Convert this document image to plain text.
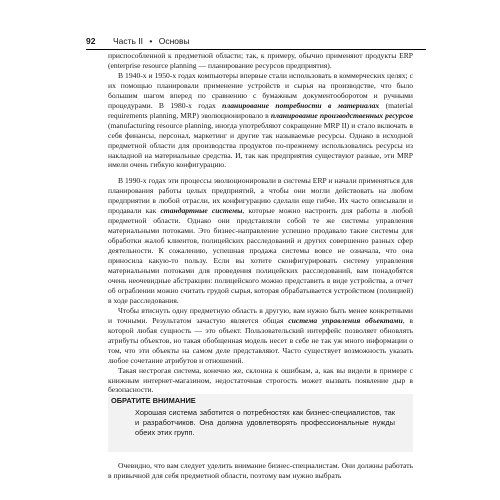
92 Часть II • Основы

приспособленной к предметной области; так, к примеру, обычно применяют продукты ERP (enterprise resource planning — планирование ресурсов предприятия).

В 1940-х и 1950-х годах компьютеры впервые стали использовать в коммерческих целях; с их помощью планировали применение устройств и сырья на производстве, что было большим шагом вперед по сравнению с бумажным документооборотом и ручными процедурами. В 1980-х годах планирование потребности в материалах (material requirements planning, MRP) эволюционировало в планирование производственных ресурсов (manufacturing resource planning, иногда употребляют сокращение MRP II) и стало включать в себя финансы, персонал, маркетинг и другие так называемые ресурсы. Однако в исходной предметной области для производства продуктов по-прежнему использовались ресурсы из накладной на материальные средства. И, так как предприятия существуют разные, эти MRP имели очень гибкую конфигурацию.

В 1990-х годах эти процессы эволюционировали в системы ERP и начали применяться для планирования работы целых предприятий, а чтобы они могли действовать на любом предприятии в любой отрасли, их конфигурацию сделали еще гибче. Их часто описывали и продавали как стандартные системы, которые можно настроить для работы в любой предметной области. Однако они представляли собой те же системы управления материальными потоками. Это бизнес-направление успешно продавало такие системы для обработки жалоб клиентов, полицейских расследований и других совершенно разных сфер деятельности. К сожалению, успешная продажа системы вовсе не означала, что она приносила какую-то пользу. Если вы хотите сконфигурировать систему управления материальными потоками для проведения полицейских расследований, вам понадобятся очень неочевидные абстракции: полицейского можно представить в виде устройства, а отчет об ограблении можно считать грудой сырья, которая обрабатывается устройством (полицией) в ходе расследования.

Чтобы втиснуть одну предметную область в другую, вам нужно быть менее конкретными и точными. Результатом зачастую является общая система управления объектами, в которой любая сущность — это объект. Пользовательский интерфейс позволяет обновлять атрибуты объектов, но такая обобщенная модель несет в себе не так уж много информации о том, что эти объекты на самом деле представляют. Часто существует возможность указать любое сочетание атрибутов и отношений.

Такая нестрогая система, конечно же, склонна к ошибкам, а, как вы видели в примере с книжным интернет-магазином, недостаточная строгость может вызвать появление дыр в безопасности.

ОБРАТИТЕ ВНИМАНИЕ
Хорошая система заботится о потребностях как бизнес-специалистов, так и разработчиков. Она должна удовлетворять профессиональные нужды обеих этих групп.

Очевидно, что вам следует уделить внимание бизнес-специалистам. Они должны работать в привычной для себя предметной области, поэтому вам нужно выбрать
